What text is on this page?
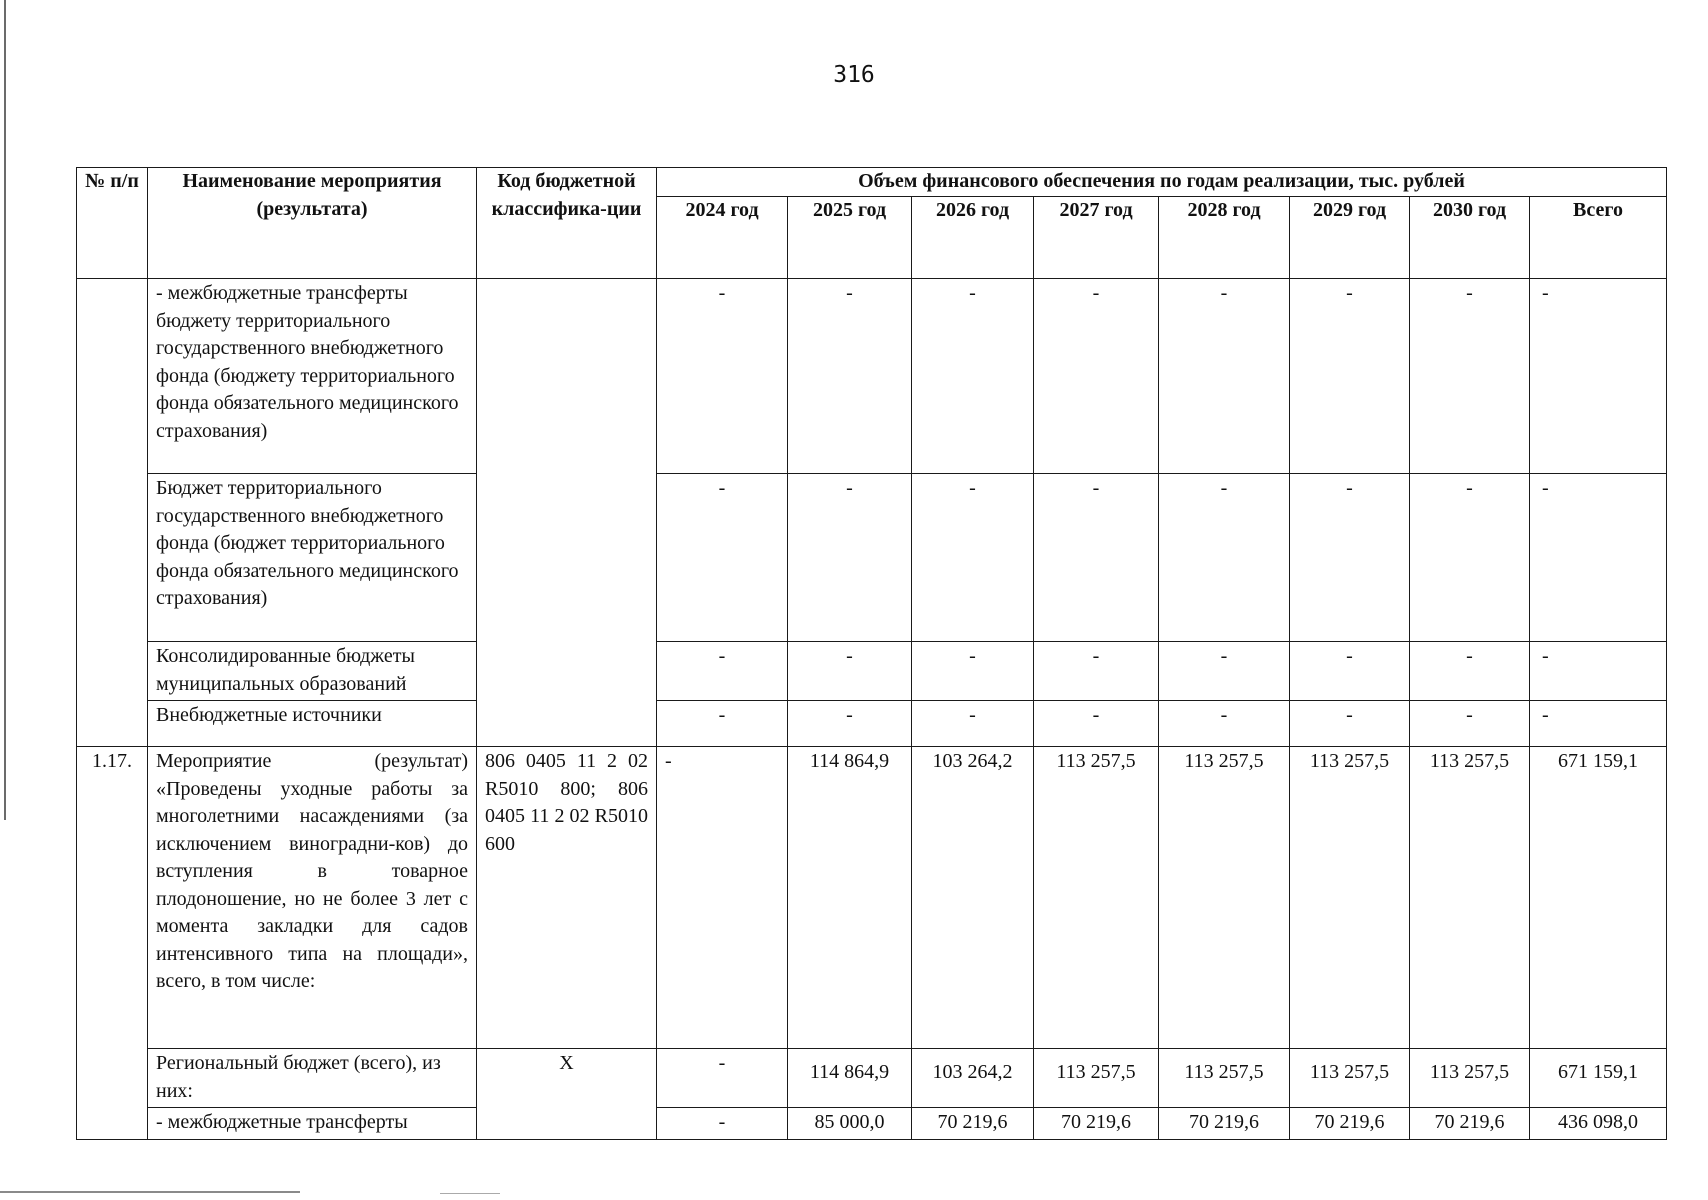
316
№ п/п	Наименование мероприятия (результата)	Код бюджетной классифика-ции	Объем финансового обеспечения по годам реализации, тыс. рублей							
			2024 год	2025 год	2026 год	2027 год	2028 год	2029 год	2030 год	Всего
	- межбюджетные трансферты бюджету территориального государственного внебюджетного фонда (бюджету территориального фонда обязательного медицинского страхования)		-	-	-	-	-	-	-	-
	Бюджет территориального государственного внебюджетного фонда (бюджет территориального фонда обязательного медицинского страхования)		-	-	-	-	-	-	-	-
	Консолидированные бюджеты муниципальных образований		-	-	-	-	-	-	-	-
	Внебюджетные источники		-	-	-	-	-	-	-	-
1.17.	Мероприятие (результат) «Проведены уходные работы за многолетними насаждениями (за исключением виноградни-ков) до вступления в товарное плодоношение, но не более 3 лет с момента закладки для садов интенсивного типа на площади», всего, в том числе:	806 0405 11 2 02 R5010 800; 806 0405 11 2 02 R5010 600	-	114 864,9	103 264,2	113 257,5	113 257,5	113 257,5	113 257,5	671 159,1
	Региональный бюджет (всего), из них:	X	-	114 864,9	103 264,2	113 257,5	113 257,5	113 257,5	113 257,5	671 159,1
	- межбюджетные трансферты		-	85 000,0	70 219,6	70 219,6	70 219,6	70 219,6	70 219,6	436 098,0
